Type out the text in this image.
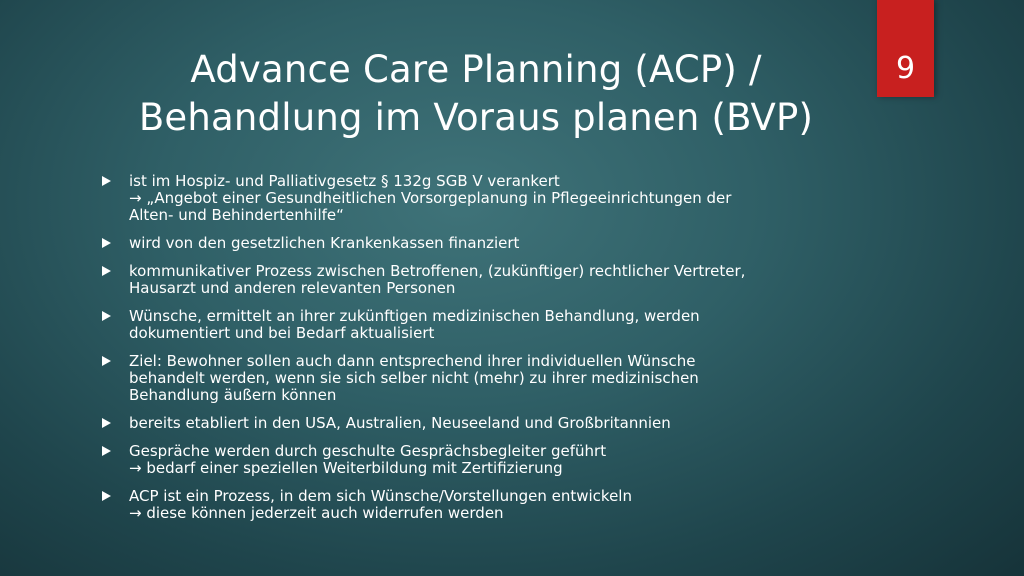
Advance Care Planning (ACP) /
Behandlung im Voraus planen (BVP)
9
ist im Hospiz- und Palliativgesetz § 132g SGB V verankert
→ „Angebot einer Gesundheitlichen Vorsorgeplanung in Pflegeeinrichtungen der
Alten- und Behindertenhilfe“
wird von den gesetzlichen Krankenkassen finanziert
kommunikativer Prozess zwischen Betroffenen, (zukünftiger) rechtlicher Vertreter,
Hausarzt und anderen relevanten Personen
Wünsche, ermittelt an ihrer zukünftigen medizinischen Behandlung, werden
dokumentiert und bei Bedarf aktualisiert
Ziel: Bewohner sollen auch dann entsprechend ihrer individuellen Wünsche
behandelt werden, wenn sie sich selber nicht (mehr) zu ihrer medizinischen
Behandlung äußern können
bereits etabliert in den USA, Australien, Neuseeland und Großbritannien
Gespräche werden durch geschulte Gesprächsbegleiter geführt
→ bedarf einer speziellen Weiterbildung mit Zertifizierung
ACP ist ein Prozess, in dem sich Wünsche/Vorstellungen entwickeln
→ diese können jederzeit auch widerrufen werden
